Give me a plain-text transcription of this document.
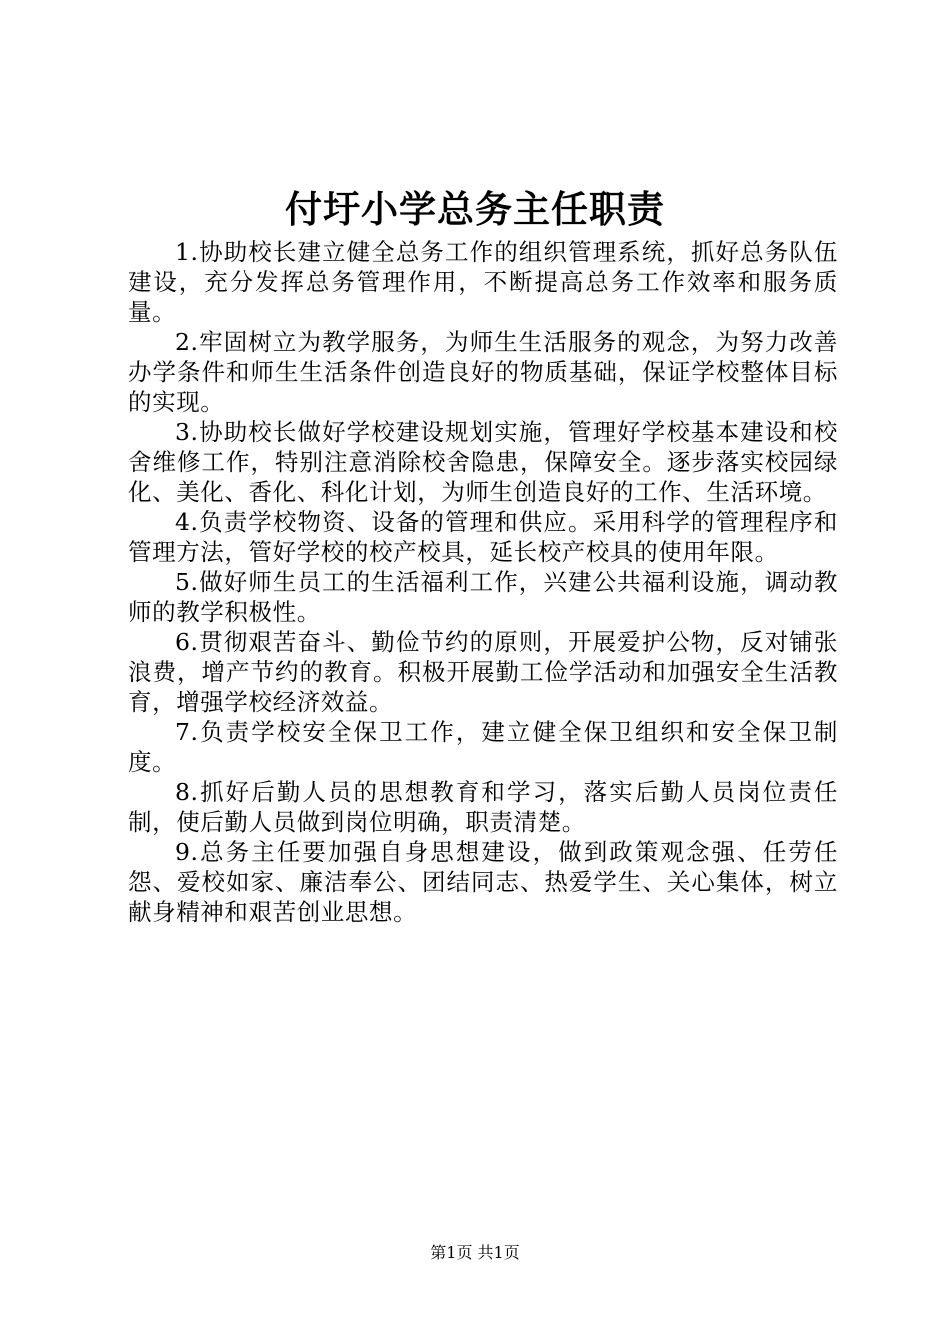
付圩小学总务主任职责

1.协助校长建立健全总务工作的组织管理系统，抓好总务队伍建设，充分发挥总务管理作用，不断提高总务工作效率和服务质量。

2.牢固树立为教学服务，为师生生活服务的观念，为努力改善办学条件和师生生活条件创造良好的物质基础，保证学校整体目标的实现。

3.协助校长做好学校建设规划实施，管理好学校基本建设和校舍维修工作，特别注意消除校舍隐患，保障安全。逐步落实校园绿化、美化、香化、科化计划，为师生创造良好的工作、生活环境。

4.负责学校物资、设备的管理和供应。采用科学的管理程序和管理方法，管好学校的校产校具，延长校产校具的使用年限。

5.做好师生员工的生活福利工作，兴建公共福利设施，调动教师的教学积极性。

6.贯彻艰苦奋斗、勤俭节约的原则，开展爱护公物，反对铺张浪费，增产节约的教育。积极开展勤工俭学活动和加强安全生活教育，增强学校经济效益。

7.负责学校安全保卫工作，建立健全保卫组织和安全保卫制度。

8.抓好后勤人员的思想教育和学习，落实后勤人员岗位责任制，使后勤人员做到岗位明确，职责清楚。

9.总务主任要加强自身思想建设，做到政策观念强、任劳任怨、爱校如家、廉洁奉公、团结同志、热爱学生、关心集体，树立献身精神和艰苦创业思想。

第1页 共1页
